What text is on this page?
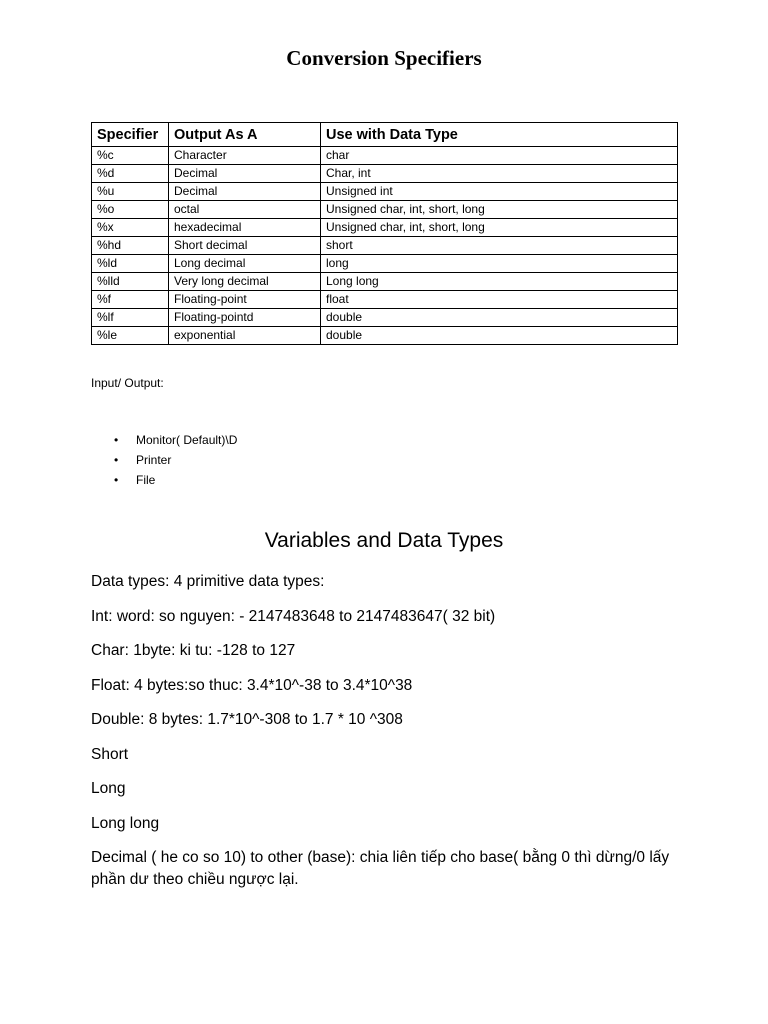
Conversion Specifiers
Specifier	Output As A	Use with Data Type
%c	Character	char
%d	Decimal	Char, int
%u	Decimal	Unsigned int
%o	octal	Unsigned char, int, short, long
%x	hexadecimal	Unsigned char, int, short, long
%hd	Short decimal	short
%ld	Long decimal	long
%lld	Very long decimal	Long long
%f	Floating-point	float
%lf	Floating-pointd	double
%le	exponential	double
Input/ Output:
• Monitor( Default)\D
• Printer
• File
Variables and Data Types

Data types: 4 primitive data types:

Int: word: so nguyen: - 2147483648 to 2147483647( 32 bit)

Char: 1byte: ki tu: -128 to 127

Float: 4 bytes:so thuc: 3.4*10^-38 to 3.4*10^38

Double: 8 bytes: 1.7*10^-308 to 1.7 * 10 ^308

Short

Long

Long long

Decimal ( he co so 10) to other (base): chia liên tiếp cho base( bằng 0 thì dừng/0 lấy phần dư theo chiều ngược lại.
